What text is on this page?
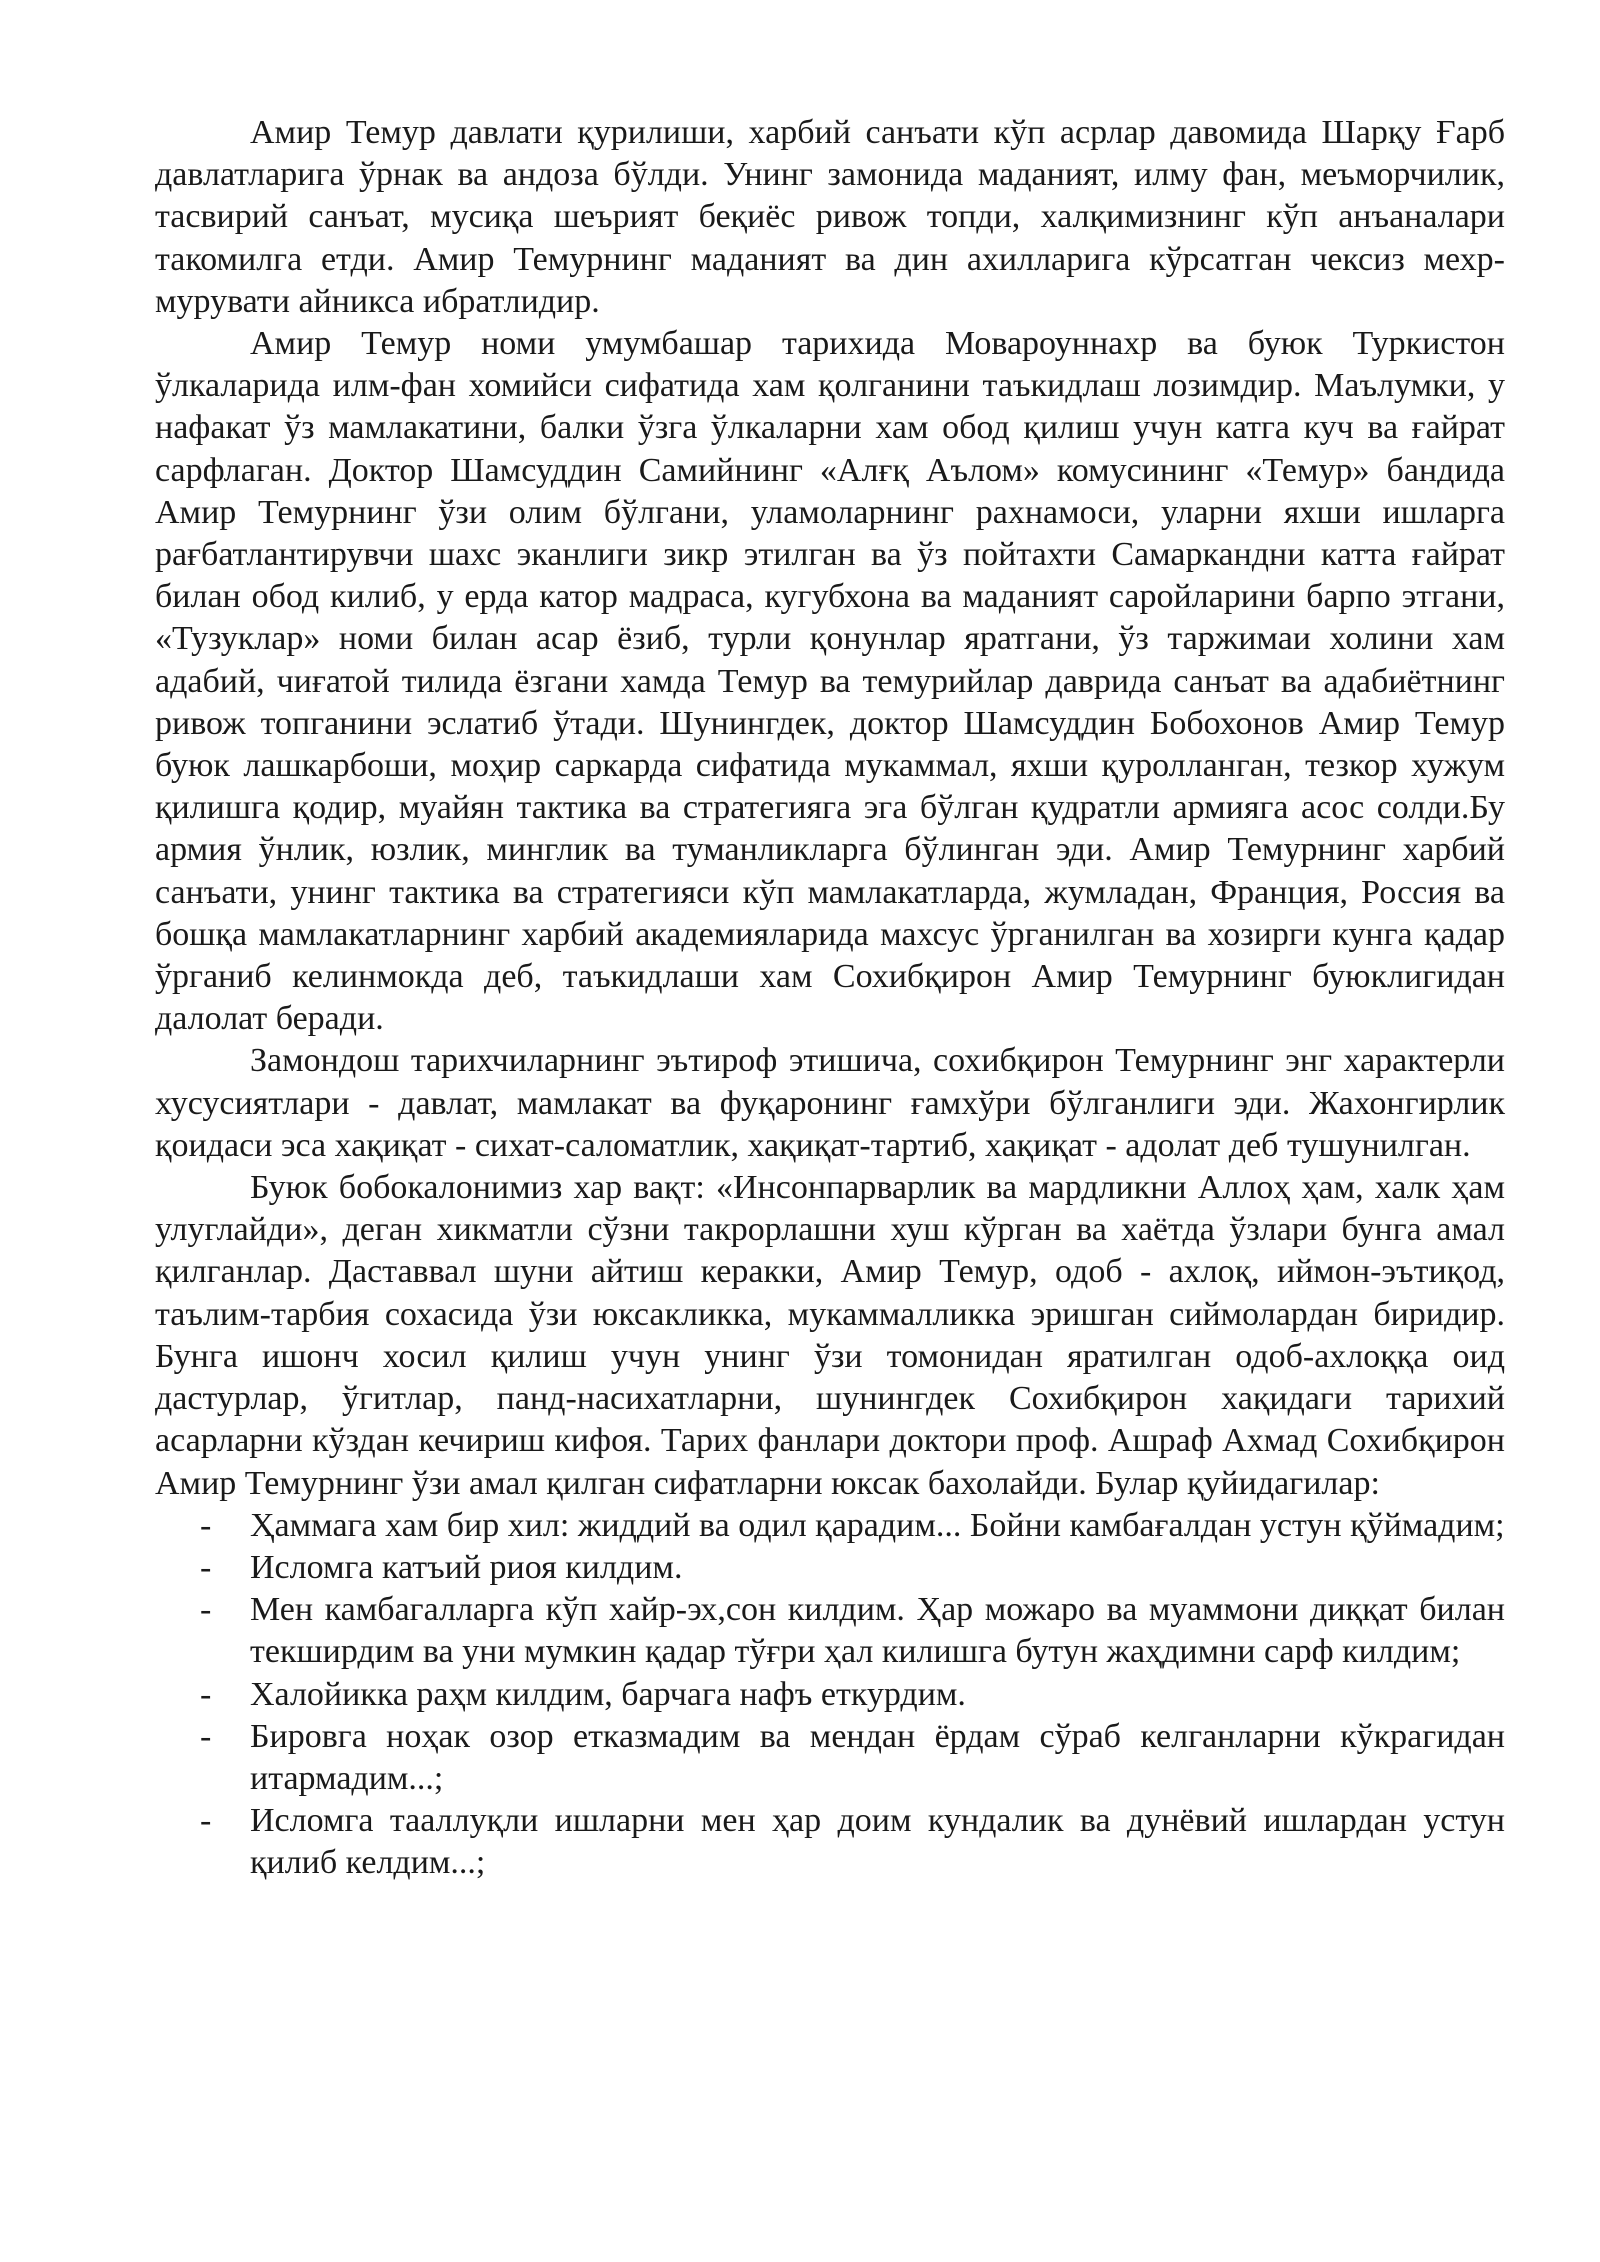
Амир Темур давлати қурилиши, харбий санъати кўп асрлар давомида Шарқу Ғарб давлатларига ўрнак ва андоза бўлди. Унинг замонида маданият, илму фан, меъморчилик, тасвирий санъат, мусиқа шеърият беқиёс ривож топди, халқимизнинг кўп анъаналари такомилга етди. Амир Темурнинг маданият ва дин ахилларига кўрсатган чексиз мехр-мурувати айникса ибратлидир.

Амир Темур номи умумбашар тарихида Мовароуннахр ва буюк Туркистон ўлкаларида илм-фан хомийси сифатида хам қолганини таъкидлаш лозимдир. Маълумки, у нафакат ўз мамлакатини, балки ўзга ўлкаларни хам обод қилиш учун катга куч ва ғайрат сарфлаган. Доктор Шамсуддин Самийнинг «Алғқ Аълом» комусининг «Темур» бандида Амир Темурнинг ўзи олим бўлгани, уламоларнинг рахнамоси, уларни яхши ишларга рағбатлантирувчи шахс эканлиги зикр этилган ва ўз пойтахти Самаркандни катта ғайрат билан обод килиб, у ерда катор мадраса, кугубхона ва маданият саройларини барпо этгани, «Тузуклар» номи билан асар ёзиб, турли қонунлар яратгани, ўз таржимаи холини хам адабий, чиғатой тилида ёзгани хамда Темур ва темурийлар даврида санъат ва адабиётнинг ривож топганини эслатиб ўтади. Шунингдек, доктор Шамсуддин Бобохонов Амир Темур буюк лашкарбоши, моҳир саркарда сифатида мукаммал, яхши қуролланган, тезкор хужум қилишга қодир, муайян тактика ва стратегияга эга бўлган қудратли армияга асос солди.Бу армия ўнлик, юзлик, минглик ва туманликларга бўлинган эди. Амир Темурнинг харбий санъати, унинг тактика ва стратегияси кўп мамлакатларда, жумладан, Франция, Россия ва бошқа мамлакатларнинг харбий академияларида махсус ўрганилган ва хозирги кунга қадар ўрганиб келинмокда деб, таъкидлаши хам Сохибқирон Амир Темурнинг буюклигидан далолат беради.

Замондош тарихчиларнинг эътироф этишича, сохибқирон Темурнинг энг характерли хусусиятлари - давлат, мамлакат ва фуқаронинг ғамхўри бўлганлиги эди. Жахонгирлик қоидаси эса хақиқат - сихат-саломатлик, хақиқат-тартиб, хақиқат - адолат деб тушунилган.

Буюк бобокалонимиз хар вақт: «Инсонпарварлик ва мардликни Аллоҳ ҳам, халк ҳам улуглайди», деган хикматли сўзни такрорлашни хуш кўрган ва хаётда ўзлари бунга амал қилганлар. Даставвал шуни айтиш керакки, Амир Темур, одоб - ахлоқ, иймон-эътиқод, таълим-тарбия сохасида ўзи юксакликка, мукаммалликка эришган сиймолардан биридир. Бунга ишонч хосил қилиш учун унинг ўзи томонидан яратилган одоб-ахлоққа оид дастурлар, ўгитлар, панд-насихатларни, шунингдек Сохибқирон хақидаги тарихий асарларни кўздан кечириш кифоя. Тарих фанлари доктори проф. Ашраф Ахмад Сохибқирон Амир Темурнинг ўзи амал қилган сифатларни юксак бахолайди. Булар қуйидагилар:

- Ҳаммага хам бир хил: жиддий ва одил қарадим... Бойни камбағалдан устун қўймадим;
- Исломга катъий риоя килдим.
- Мен камбагалларга кўп хайр-эх,сон килдим. Ҳар можаро ва муаммони диққат билан текширдим ва уни мумкин қадар тўғри ҳал килишга бутун жаҳдимни сарф килдим;
- Халойикка раҳм килдим, барчага нафъ еткурдим.
- Бировга ноҳак озор етказмадим ва мендан ёрдам сўраб келганларни кўкрагидан итармадим...;
- Исломга тааллуқли ишларни мен ҳар доим кундалик ва дунёвий ишлардан устун қилиб келдим...;
